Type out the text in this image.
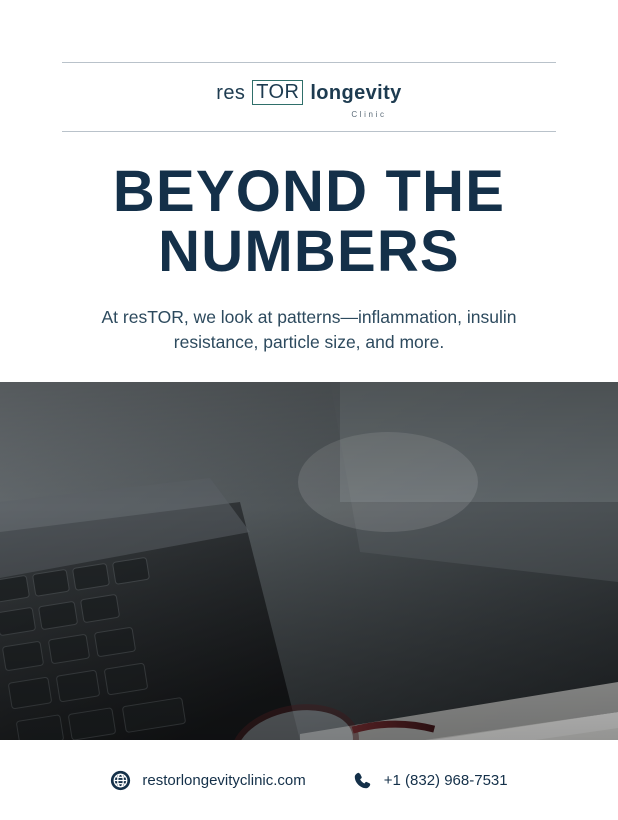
res TOR longevity
Clinic
BEYOND THE
NUMBERS

At resTOR, we look at patterns—inflammation, insulin resistance, particle size, and more.

restorlongevityclinic.com	+1 (832) 968-7531
